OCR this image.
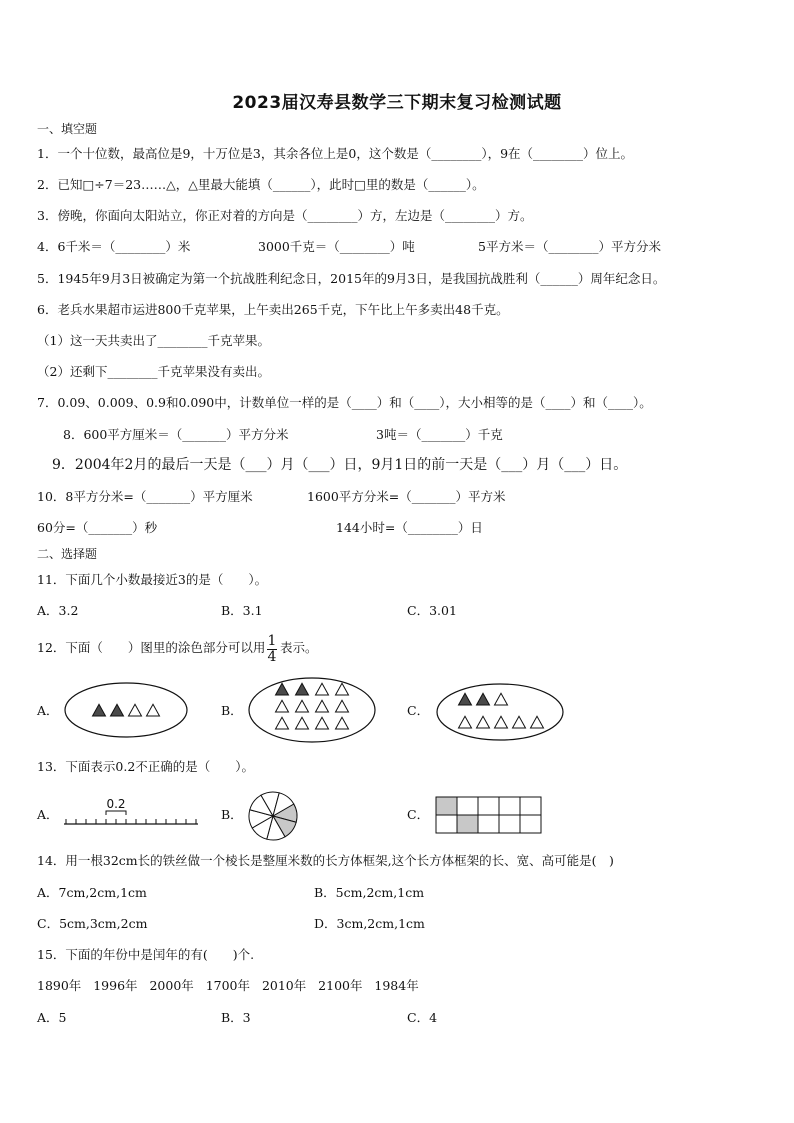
2023届汉寿县数学三下期末复习检测试题
一、填空题
1．一个十位数，最高位是9，十万位是3，其余各位上是0，这个数是（________），9在（________）位上。
2．已知□÷7＝23……△，△里最大能填（______），此时□里的数是（______）。
3．傍晚，你面向太阳站立，你正对着的方向是（________）方，左边是（________）方。
4．6千米＝（________）米	3000千克＝（________）吨	5平方米＝（________）平方分米
5．1945年9月3日被确定为第一个抗战胜利纪念日，2015年的9月3日，是我国抗战胜利（______）周年纪念日。
6．老兵水果超市运进800千克苹果，上午卖出265千克，下午比上午多卖出48千克。
（1）这一天共卖出了________千克苹果。
（2）还剩下________千克苹果没有卖出。
7．0.09、0.009、0.9和0.090中，计数单位一样的是（____）和（____），大小相等的是（____）和（____）。
8．600平方厘米＝（_______）平方分米	3吨＝（_______）千克
9．2004年2月的最后一天是（___）月（___）日，9月1日的前一天是（___）月（___）日。
10．8平方分米=（_______）平方厘米	1600平方分米=（_______）平方米
60分=（_______）秒	144小时=（________）日
二、选择题
11．下面几个小数最接近3的是（　　）。
A．3.2	B．3.1	C．3.01
12．下面（　　）图里的涂色部分可以用 1
4
表示。
A．	B．	C．
13．下面表示0.2不正确的是（　　）。
A．	B．	C．
0.2
14．用一根32cm长的铁丝做一个棱长是整厘米数的长方体框架,这个长方体框架的长、宽、高可能是(　)
A．7cm,2cm,1cm	B．5cm,2cm,1cm
C．5cm,3cm,2cm	D．3cm,2cm,1cm
15．下面的年份中是闰年的有(　　)个.
1890年 1996年 2000年 1700年 2010年 2100年 1984年
A．5	B．3	C．4
